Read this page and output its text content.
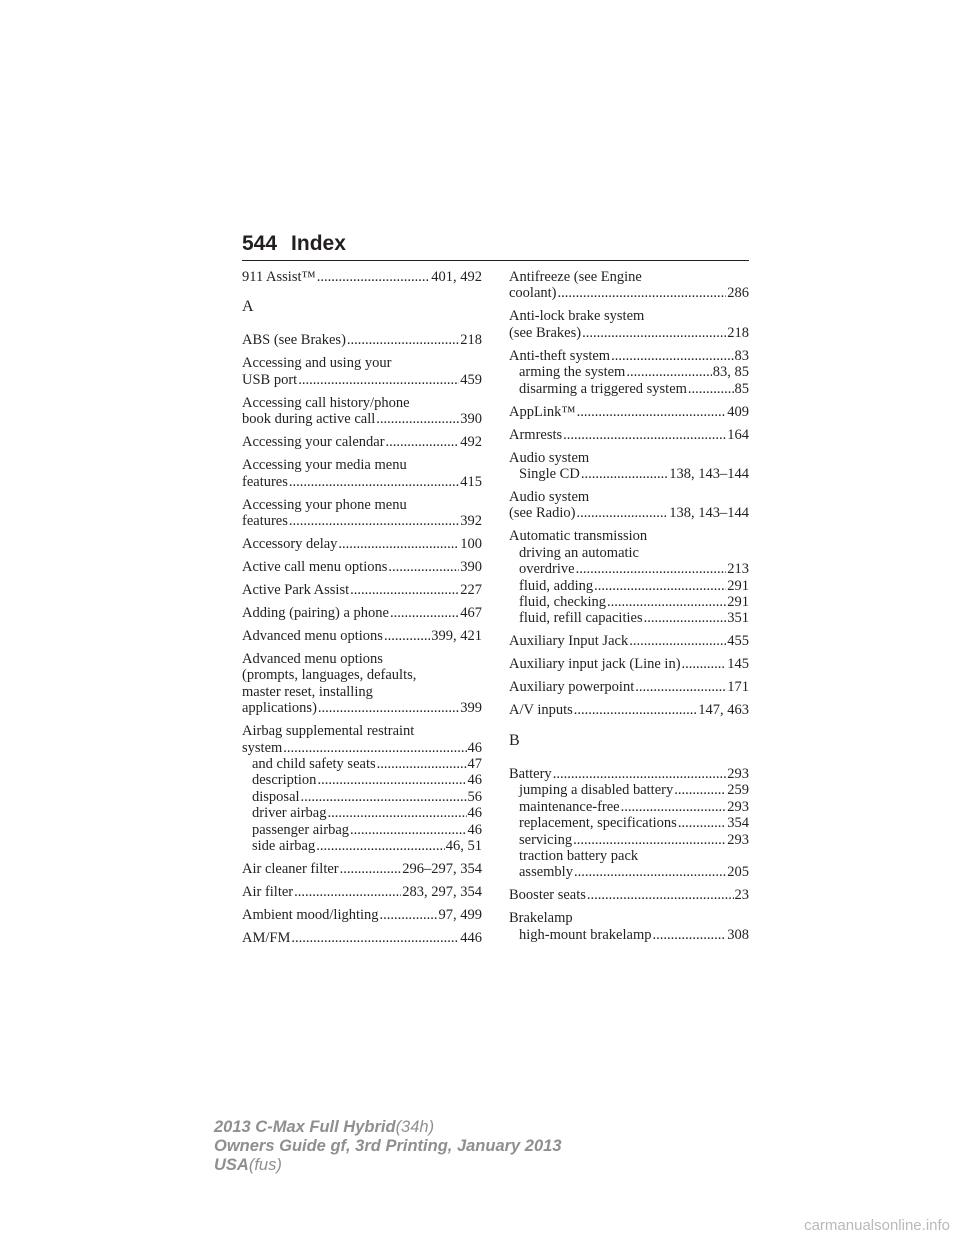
544 Index
911 Assist™ .....	401, 492
A
ABS (see Brakes) .....	218
Accessing and using your
USB port .....	459
Accessing call history/phone
book during active call .....	390
Accessing your calendar .....	492
Accessing your media menu
features .....	415
Accessing your phone menu
features .....	392
Accessory delay .....	100
Active call menu options .....	390
Active Park Assist .....	227
Adding (pairing) a phone .....	467
Advanced menu options .....	399, 421
Advanced menu options
(prompts, languages, defaults,
master reset, installing
applications) .....	399
Airbag supplemental restraint
system .....	46
and child safety seats .....	47
description .....	46
disposal .....	56
driver airbag .....	46
passenger airbag .....	46
side airbag .....	46, 51
Air cleaner filter .....	296–297, 354
Air filter .....	283, 297, 354
Ambient mood/lighting .....	97, 499
AM/FM .....	446
Antifreeze (see Engine
coolant) .....	286
Anti-lock brake system
(see Brakes) .....	218
Anti-theft system .....	83
arming the system .....	83, 85
disarming a triggered system .....	85
AppLink™ .....	409
Armrests .....	164
Audio system
Single CD .....	138, 143–144
Audio system
(see Radio) .....	138, 143–144
Automatic transmission
driving an automatic
overdrive .....	213
fluid, adding .....	291
fluid, checking .....	291
fluid, refill capacities .....	351
Auxiliary Input Jack .....	455
Auxiliary input jack (Line in) .....	145
Auxiliary powerpoint .....	171
A/V inputs .....	147, 463
B
Battery .....	293
jumping a disabled battery .....	259
maintenance-free .....	293
replacement, specifications .....	354
servicing .....	293
traction battery pack
assembly .....	205
Booster seats .....	23
Brakelamp
high-mount brakelamp .....	308
2013 C-Max Full Hybrid(34h)
Owners Guide gf, 3rd Printing, January 2013
USA(fus)
carmanualsonline.info
